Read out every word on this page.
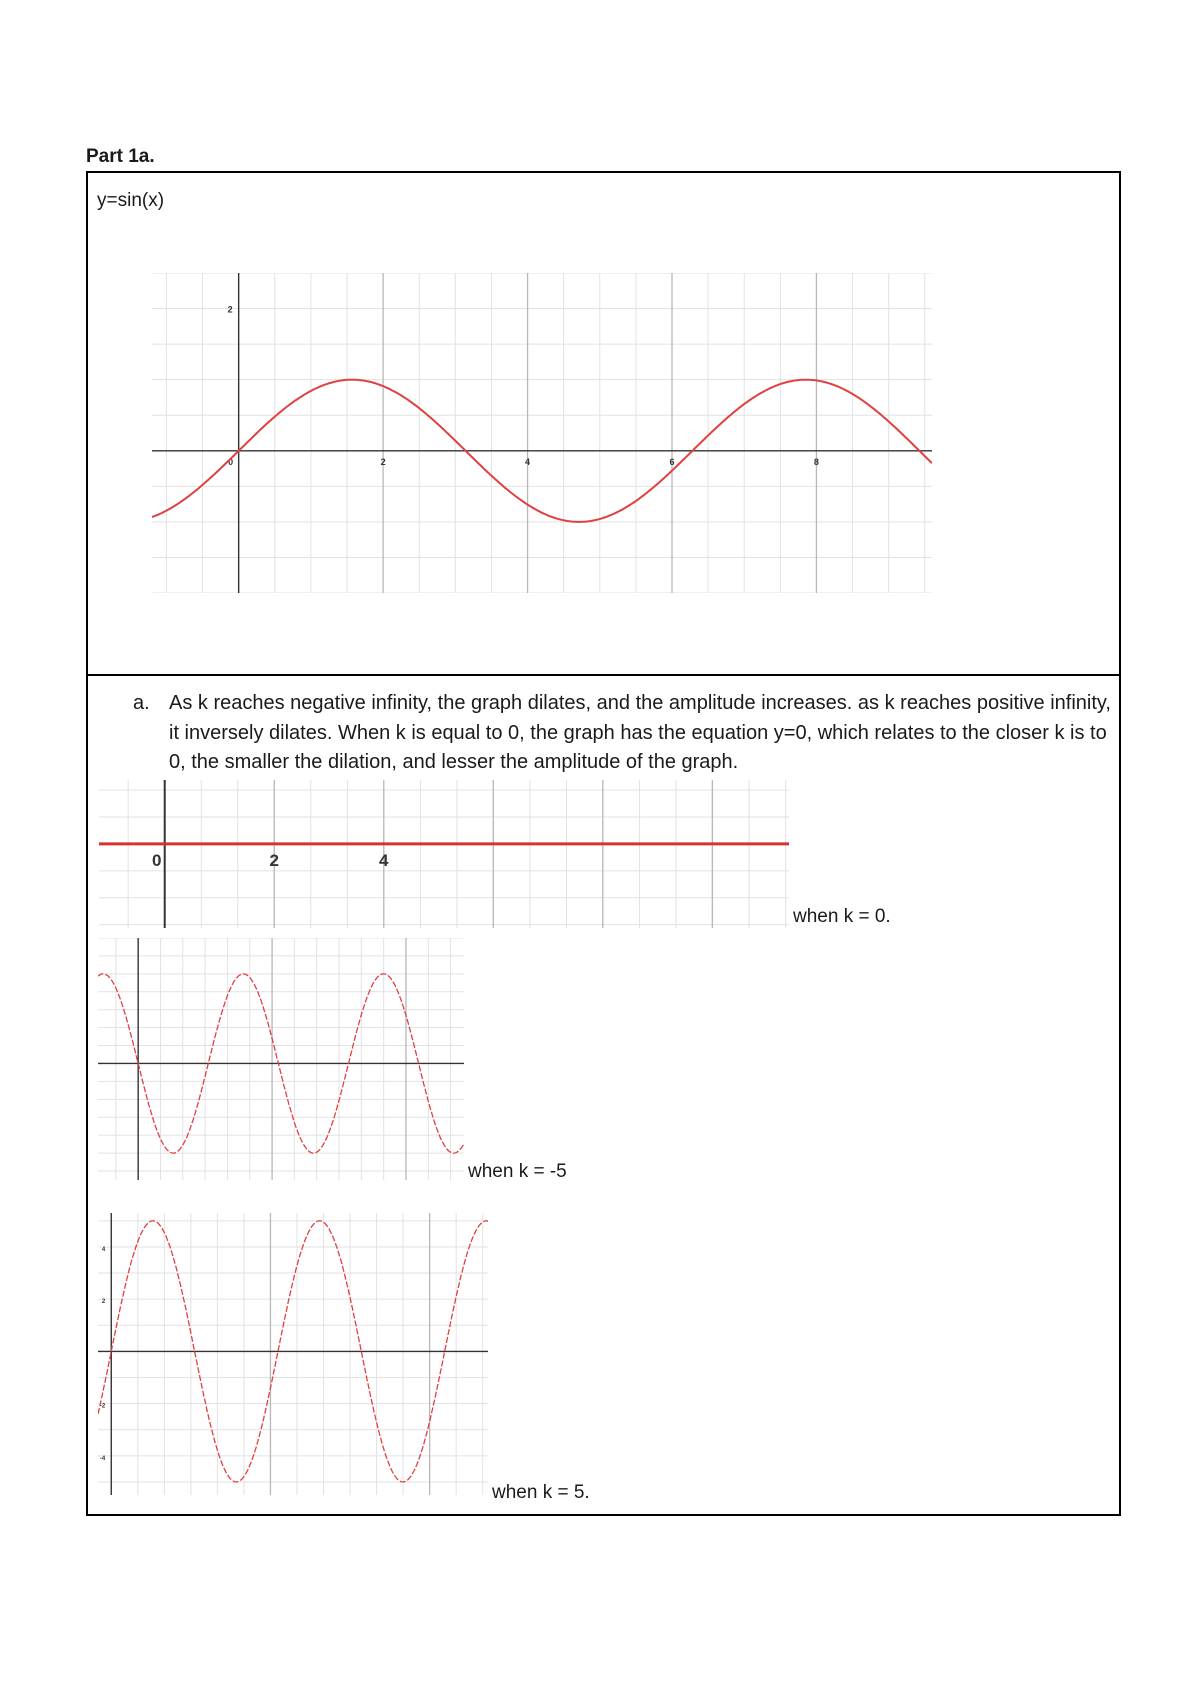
Part 1a.
y=sin(x)
0	2	4	6	8
2
a. As k reaches negative infinity, the graph dilates, and the amplitude increases. as k reaches positive infinity, it inversely dilates. When k is equal to 0, the graph has the equation y=0, which relates to the closer k is to 0, the smaller the dilation, and lesser the amplitude of the graph.
0	2	4
when k = 0.
when k = -5
4
2
-2
-4
when k = 5.
